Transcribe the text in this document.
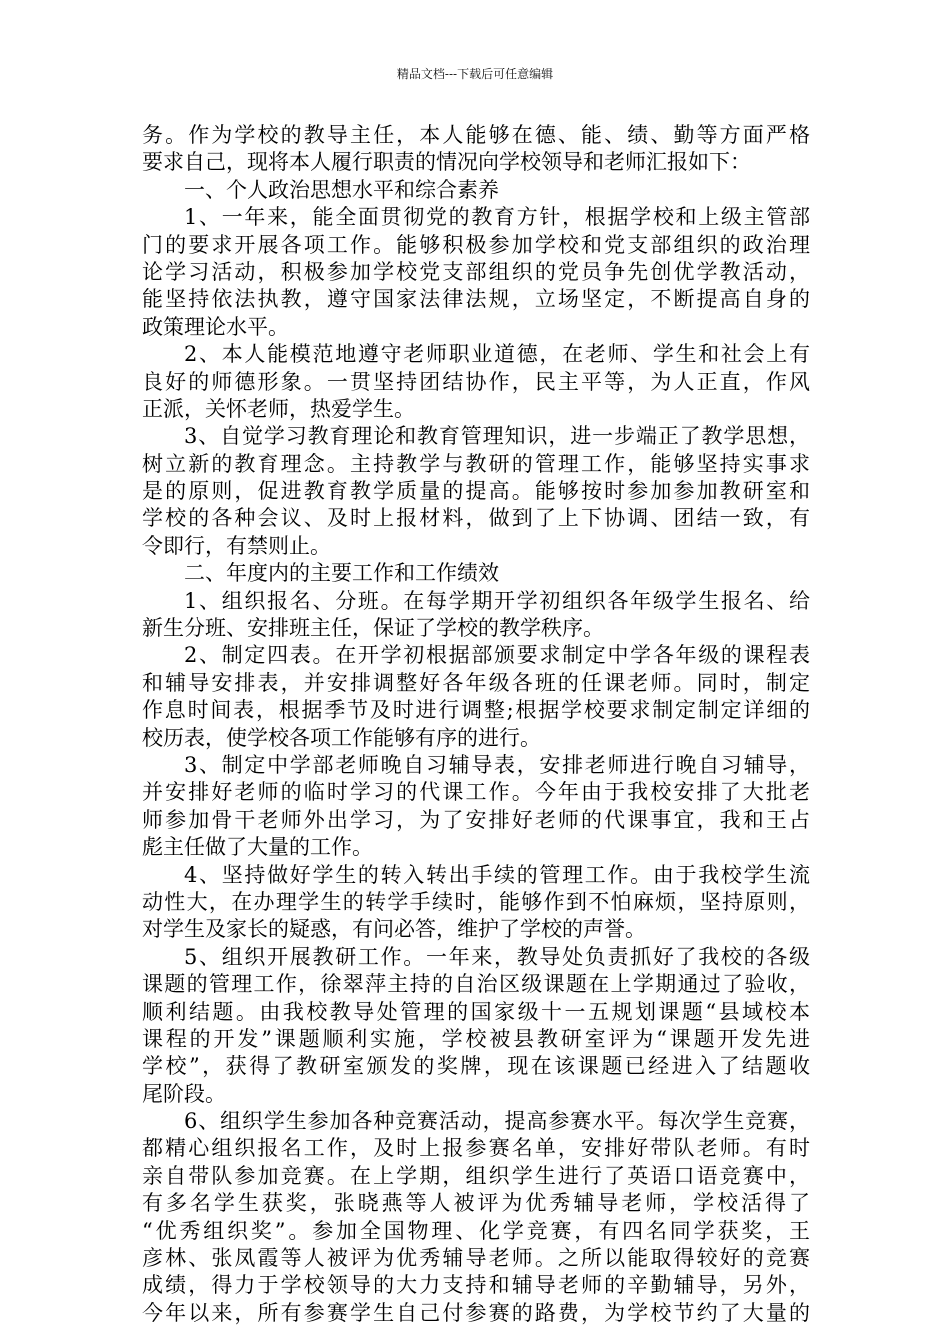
精品文档---下载后可任意编辑
务。作为学校的教导主任，本人能够在德、能、绩、勤等方面严格
要求自己，现将本人履行职责的情况向学校领导和老师汇报如下：
一、个人政治思想水平和综合素养
1、一年来，能全面贯彻党的教育方针，根据学校和上级主管部
门的要求开展各项工作。能够积极参加学校和党支部组织的政治理
论学习活动，积极参加学校党支部组织的党员争先创优学教活动，
能坚持依法执教，遵守国家法律法规，立场坚定，不断提高自身的
政策理论水平。
2、本人能模范地遵守老师职业道德，在老师、学生和社会上有
良好的师德形象。一贯坚持团结协作，民主平等，为人正直，作风
正派，关怀老师，热爱学生。
3、自觉学习教育理论和教育管理知识，进一步端正了教学思想，
树立新的教育理念。主持教学与教研的管理工作，能够坚持实事求
是的原则，促进教育教学质量的提高。能够按时参加参加教研室和
学校的各种会议、及时上报材料，做到了上下协调、团结一致，有
令即行，有禁则止。
二、年度内的主要工作和工作绩效
1、组织报名、分班。在每学期开学初组织各年级学生报名、给
新生分班、安排班主任，保证了学校的教学秩序。
2、制定四表。在开学初根据部颁要求制定中学各年级的课程表
和辅导安排表，并安排调整好各年级各班的任课老师。同时，制定
作息时间表，根据季节及时进行调整;根据学校要求制定制定详细的
校历表，使学校各项工作能够有序的进行。
3、制定中学部老师晚自习辅导表，安排老师进行晚自习辅导，
并安排好老师的临时学习的代课工作。今年由于我校安排了大批老
师参加骨干老师外出学习，为了安排好老师的代课事宜，我和王占
彪主任做了大量的工作。
4、坚持做好学生的转入转出手续的管理工作。由于我校学生流
动性大，在办理学生的转学手续时，能够作到不怕麻烦，坚持原则，
对学生及家长的疑惑，有问必答，维护了学校的声誉。
5、组织开展教研工作。一年来，教导处负责抓好了我校的各级
课题的管理工作，徐翠萍主持的自治区级课题在上学期通过了验收，
顺利结题。由我校教导处管理的国家级十一五规划课题“县域校本
课程的开发”课题顺利实施，学校被县教研室评为“课题开发先进
学校”，获得了教研室颁发的奖牌，现在该课题已经进入了结题收
尾阶段。
6、组织学生参加各种竞赛活动，提高参赛水平。每次学生竞赛，
都精心组织报名工作，及时上报参赛名单，安排好带队老师。有时
亲自带队参加竞赛。在上学期，组织学生进行了英语口语竞赛中，
有多名学生获奖，张晓燕等人被评为优秀辅导老师，学校活得了
“优秀组织奖”。参加全国物理、化学竞赛，有四名同学获奖，王
彦林、张凤霞等人被评为优秀辅导老师。之所以能取得较好的竞赛
成绩，得力于学校领导的大力支持和辅导老师的辛勤辅导，另外，
今年以来，所有参赛学生自己付参赛的路费，为学校节约了大量的
